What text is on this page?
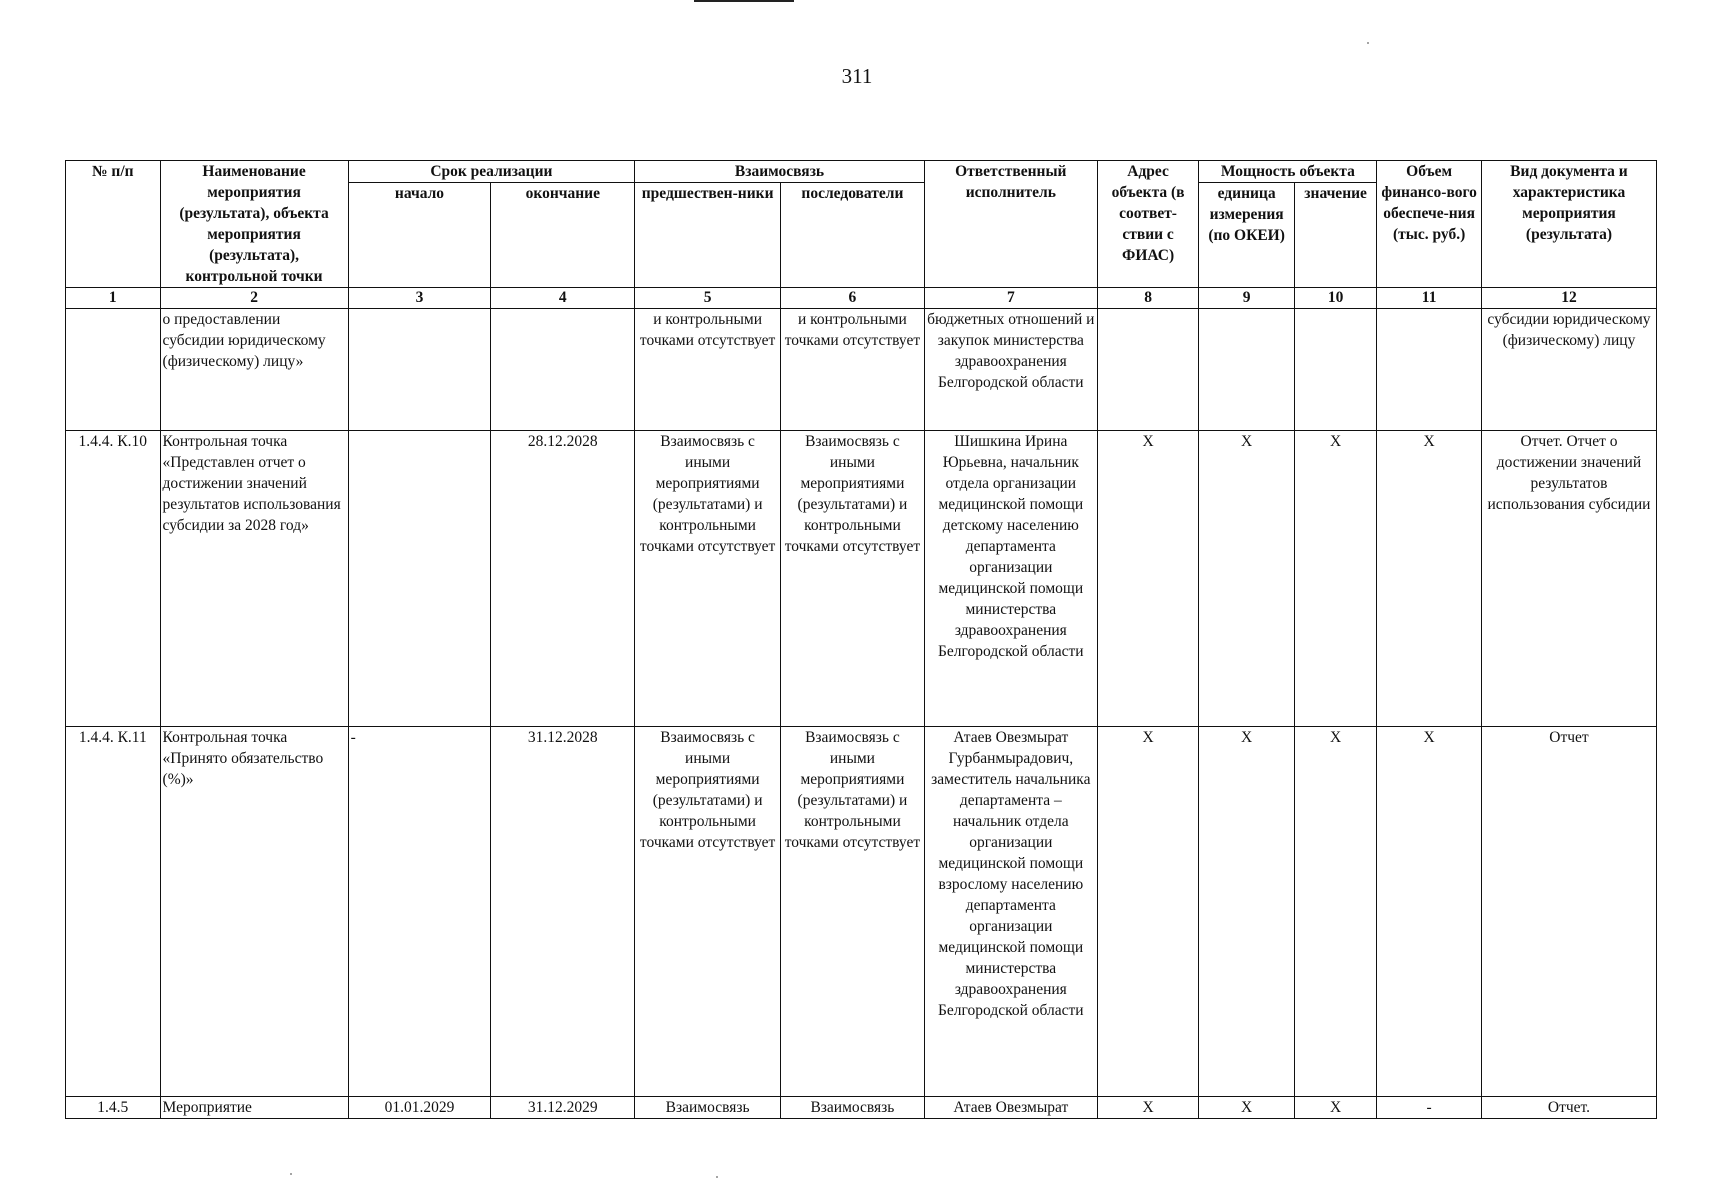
311
№ п/п	Наименование мероприятия (результата), объекта мероприятия (результата), контрольной точки	Срок реализации		Взаимосвязь		Ответственный исполнитель	Адрес объекта (в соответ-ствии с ФИАС)	Мощность объекта		Объем финансо-вого обеспече-ния (тыс. руб.)	Вид документа и характеристика мероприятия (результата)
		начало	окончание	предшествен-ники	последователи			единица измерения (по ОКЕИ)	значение		
1	2	3	4	5	6	7	8	9	10	11	12
	о предоставлении субсидии юридическому (физическому) лицу»			и контрольными точками отсутствует	и контрольными точками отсутствует	бюджетных отношений и закупок министерства здравоохранения Белгородской области					субсидии юридическому (физическому) лицу
1.4.4. К.10	Контрольная точка «Представлен отчет о достижении значений результатов использования субсидии за 2028 год»		28.12.2028	Взаимосвязь с иными мероприятиями (результатами) и контрольными точками отсутствует	Взаимосвязь с иными мероприятиями (результатами) и контрольными точками отсутствует	Шишкина Ирина Юрьевна, начальник отдела организации медицинской помощи детскому населению департамента организации медицинской помощи министерства здравоохранения Белгородской области	Х	Х	Х	Х	Отчет. Отчет о достижении значений результатов использования субсидии
1.4.4. К.11	Контрольная точка «Принято обязательство (%)»	-	31.12.2028	Взаимосвязь с иными мероприятиями (результатами) и контрольными точками отсутствует	Взаимосвязь с иными мероприятиями (результатами) и контрольными точками отсутствует	Атаев Овезмырат Гурбанмырадович, заместитель начальника департамента – начальник отдела организации медицинской помощи взрослому населению департамента организации медицинской помощи министерства здравоохранения Белгородской области	Х	Х	Х	Х	Отчет
1.4.5	Мероприятие	01.01.2029	31.12.2029	Взаимосвязь	Взаимосвязь	Атаев Овезмырат	Х	Х	Х	-	Отчет.
